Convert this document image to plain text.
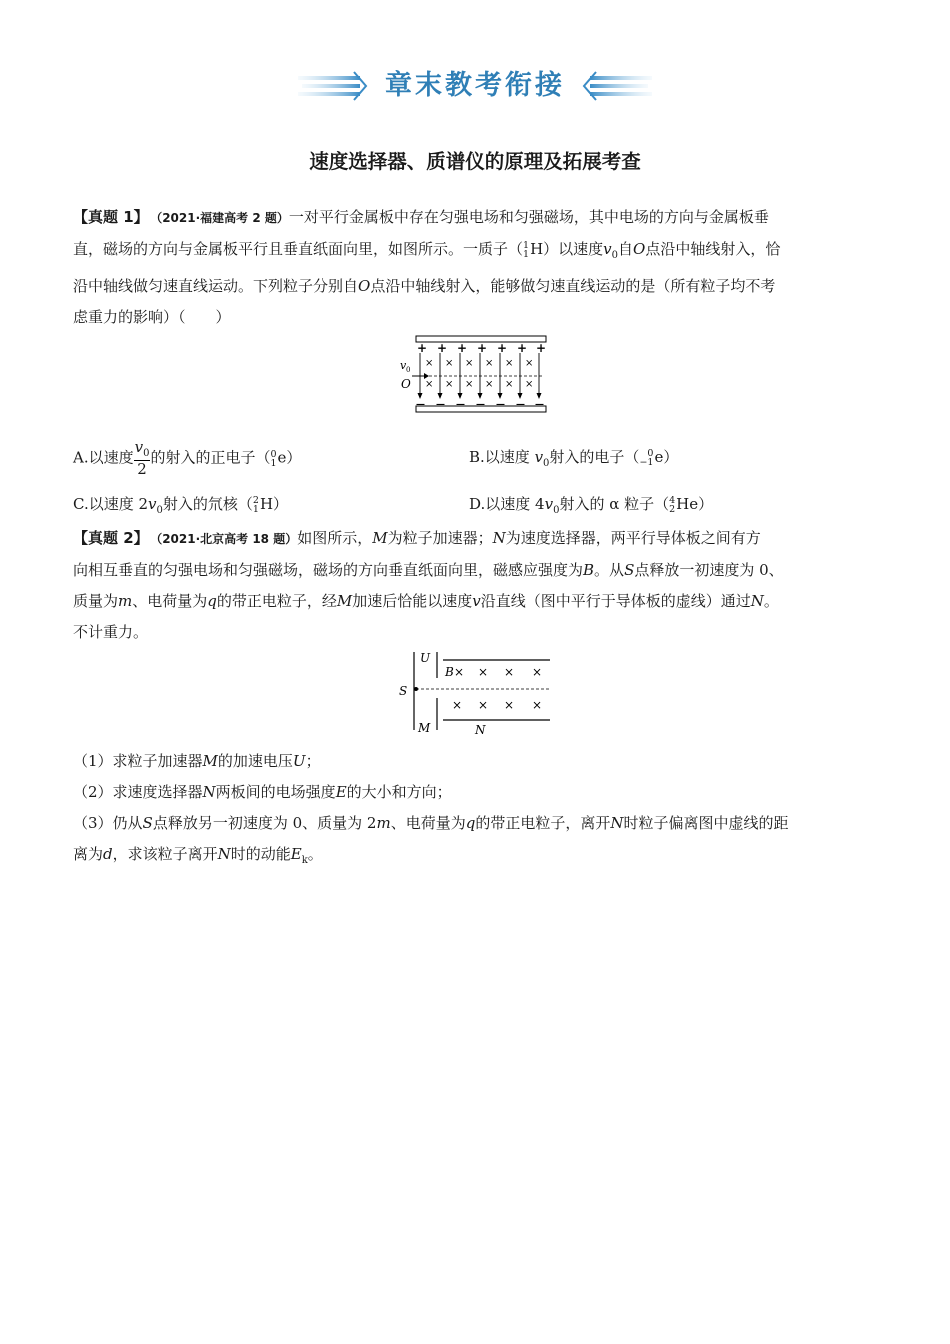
章末教考衔接
速度选择器、质谱仪的原理及拓展考查

【真题 1】　 （2021·福建高考 2 题）一对平行金属板中存在匀强电场和匀强磁场，其中电场的方向与金属板垂

直，磁场的方向与金属板平行且垂直纸面向里，如图所示。一质子（1
1H）以速度$v_0$自O点沿中轴线射入，恰

沿中轴线做匀速直线运动。下列粒子分别自O点沿中轴线射入，能够做匀速直线运动的是（所有粒子均不考

虑重力的影响）（　　）

+
—
×
×
+
—
×
×
+
—
×
×
+
—
×
×
+
—
×
×
+
—
×
×
+
—
v 0
O
A.以速度 $\frac{v_0}{2}$ 的射入的正电子（0
1e）	B.以速度 $v_0$射入的电子（ 0
−1e）
C.以速度 $2v_0$射入的氘核（2
1H）	D.以速度 $4v_0$射入的 α 粒子（4
2He）

【真题 2】　 （2021·北京高考 18 题）如图所示，M为粒子加速器；N为速度选择器，两平行导体板之间有方

向相互垂直的匀强电场和匀强磁场，磁场的方向垂直纸面向里，磁感应强度为B。从S点释放一初速度为 0、

质量为m、电荷量为q的带正电粒子，经M加速后恰能以速度v沿直线（图中平行于导体板的虚线）通过N。

不计重力。

U
S
M
B
N
× × × ×
× × × ×

（1）求粒子加速器M的加速电压U；

（2）求速度选择器N两板间的电场强度E的大小和方向；

（3）仍从S点释放另一初速度为 0、质量为 2m、电荷量为q的带正电粒子，离开N时粒子偏离图中虚线的距

离为d，求该粒子离开N时的动能$E_k$。
